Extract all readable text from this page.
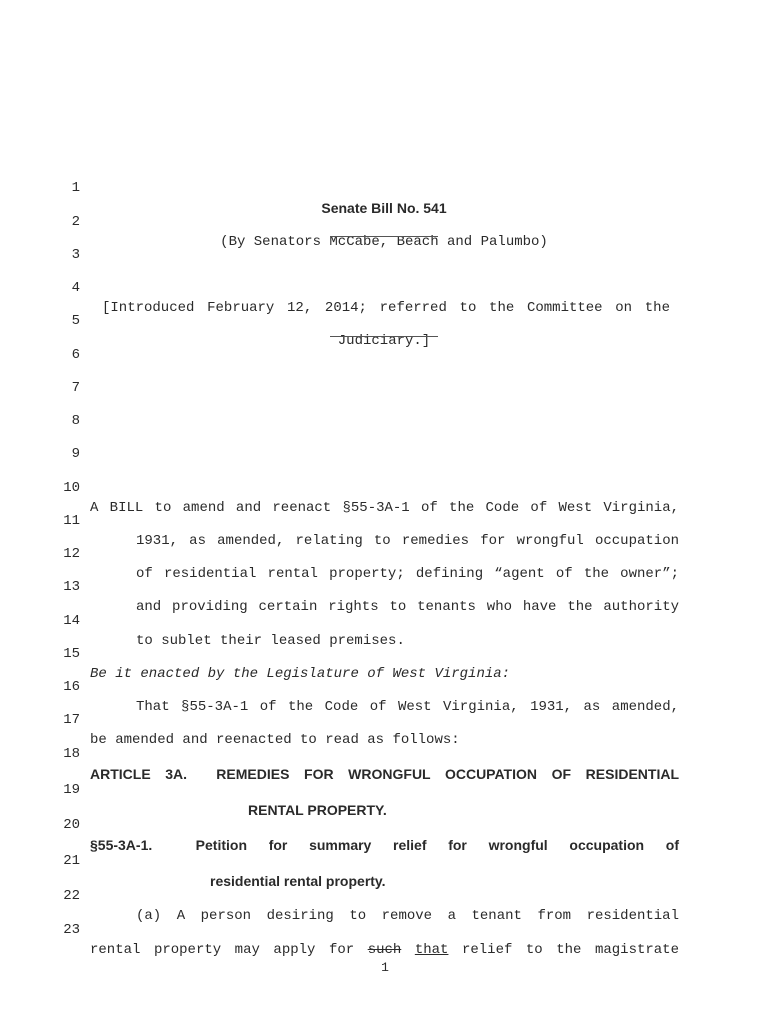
1

Senate Bill No. 541

2

(By Senators McCabe, Beach and Palumbo)

3

4

[Introduced February 12, 2014; referred to the Committee on the

5

Judiciary.]

6

7

8

9

10

A BILL to amend and reenact §55-3A-1 of the Code of West Virginia,

11

1931, as amended, relating to remedies for wrongful occupation

12

of residential rental property; defining “agent of the owner”;

13

and providing certain rights to tenants who have the authority

14

to sublet their leased premises.

15

Be it enacted by the Legislature of West Virginia:

16

That §55-3A-1 of the Code of West Virginia, 1931, as amended,

17

be amended and reenacted to read as follows:

18

ARTICLE 3A.  REMEDIES FOR WRONGFUL OCCUPATION OF RESIDENTIAL

19

RENTAL PROPERTY.

20

§55-3A-1.  Petition for summary relief for wrongful occupation of

21

residential rental property.

22

(a) A person desiring to remove a tenant from residential

23

rental property may apply for such that relief to the magistrate

1
